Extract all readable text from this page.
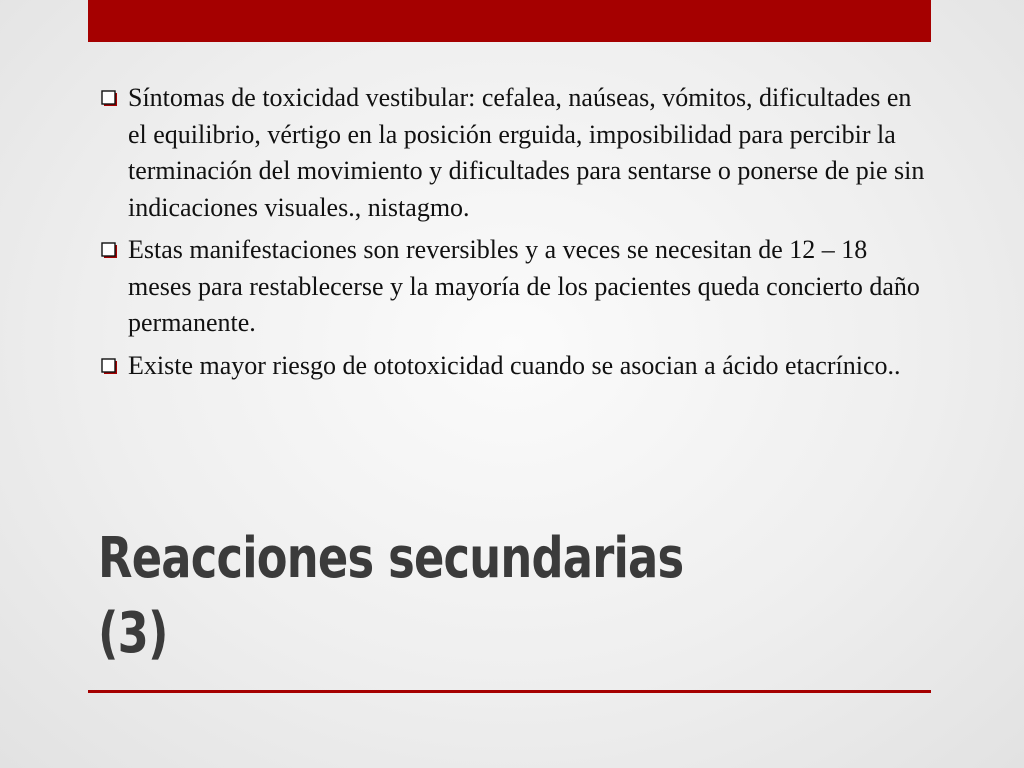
Síntomas de toxicidad vestibular: cefalea, naúseas, vómitos, dificultades en el equilibrio, vértigo en la posición erguida, imposibilidad para percibir la terminación del movimiento y dificultades para sentarse o ponerse de pie sin indicaciones visuales., nistagmo.
Estas manifestaciones son reversibles y a veces se necesitan de 12 – 18 meses para restablecerse y la mayoría de los pacientes queda concierto daño permanente.
Existe mayor riesgo de ototoxicidad cuando se asocian a ácido etacrínico..
Reacciones secundarias
(3)
